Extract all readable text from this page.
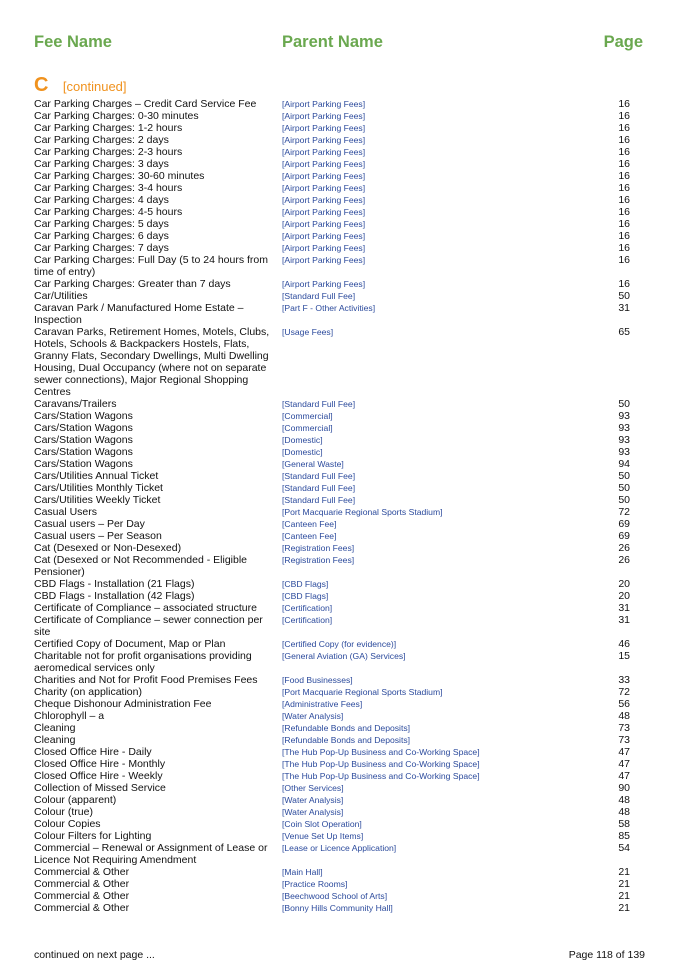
Fee Name	Parent Name	Page
C [continued]
Car Parking Charges – Credit Card Service Fee	[Airport Parking Fees]	16
Car Parking Charges: 0-30 minutes	[Airport Parking Fees]	16
Car Parking Charges: 1-2 hours	[Airport Parking Fees]	16
Car Parking Charges: 2 days	[Airport Parking Fees]	16
Car Parking Charges: 2-3 hours	[Airport Parking Fees]	16
Car Parking Charges: 3 days	[Airport Parking Fees]	16
Car Parking Charges: 30-60 minutes	[Airport Parking Fees]	16
Car Parking Charges: 3-4 hours	[Airport Parking Fees]	16
Car Parking Charges: 4 days	[Airport Parking Fees]	16
Car Parking Charges: 4-5 hours	[Airport Parking Fees]	16
Car Parking Charges: 5 days	[Airport Parking Fees]	16
Car Parking Charges: 6 days	[Airport Parking Fees]	16
Car Parking Charges: 7 days	[Airport Parking Fees]	16
Car Parking Charges: Full Day (5 to 24 hours from time of entry)
[Airport Parking Fees]	16
Car Parking Charges: Greater than 7 days	[Airport Parking Fees]	16
Car/Utilities	[Standard Full Fee]	50
Caravan Park / Manufactured Home Estate – Inspection
[Part F - Other Activities]	31
Caravan Parks, Retirement Homes, Motels, Clubs, Hotels, Schools & Backpackers Hostels, Flats, Granny Flats, Secondary Dwellings, Multi Dwelling Housing, Dual Occupancy (where not on separate sewer connections), Major Regional Shopping Centres
[Usage Fees]	65
Caravans/Trailers	[Standard Full Fee]	50
Cars/Station Wagons	[Commercial]	93
Cars/Station Wagons	[Commercial]	93
Cars/Station Wagons	[Domestic]	93
Cars/Station Wagons	[Domestic]	93
Cars/Station Wagons	[General Waste]	94
Cars/Utilities Annual Ticket	[Standard Full Fee]	50
Cars/Utilities Monthly Ticket	[Standard Full Fee]	50
Cars/Utilities Weekly Ticket	[Standard Full Fee]	50
Casual Users	[Port Macquarie Regional Sports Stadium]	72
Casual users – Per Day	[Canteen Fee]	69
Casual users – Per Season	[Canteen Fee]	69
Cat (Desexed or Non-Desexed)	[Registration Fees]	26
Cat (Desexed or Not Recommended - Eligible Pensioner)
[Registration Fees]	26
CBD Flags - Installation (21 Flags)	[CBD Flags]	20
CBD Flags - Installation (42 Flags)	[CBD Flags]	20
Certificate of Compliance – associated structure	[Certification]	31
Certificate of Compliance – sewer connection per site
[Certification]	31
Certified Copy of Document, Map or Plan	[Certified Copy (for evidence)]	46
Charitable not for profit organisations providing aeromedical services only
[General Aviation (GA) Services]	15
Charities and Not for Profit Food Premises Fees	[Food Businesses]	33
Charity (on application)	[Port Macquarie Regional Sports Stadium]	72
Cheque Dishonour Administration Fee	[Administrative Fees]	56
Chlorophyll – a	[Water Analysis]	48
Cleaning	[Refundable Bonds and Deposits]	73
Cleaning	[Refundable Bonds and Deposits]	73
Closed Office Hire - Daily	[The Hub Pop-Up Business and Co-Working Space]	47
Closed Office Hire - Monthly	[The Hub Pop-Up Business and Co-Working Space]	47
Closed Office Hire - Weekly	[The Hub Pop-Up Business and Co-Working Space]	47
Collection of Missed Service	[Other Services]	90
Colour (apparent)	[Water Analysis]	48
Colour (true)	[Water Analysis]	48
Colour Copies	[Coin Slot Operation]	58
Colour Filters for Lighting	[Venue Set Up Items]	85
Commercial – Renewal or Assignment of Lease or Licence Not Requiring Amendment
[Lease or Licence Application]	54
Commercial & Other	[Main Hall]	21
Commercial & Other	[Practice Rooms]	21
Commercial & Other	[Beechwood School of Arts]	21
Commercial & Other	[Bonny Hills Community Hall]	21
continued on next page ...	Page 118 of 139
